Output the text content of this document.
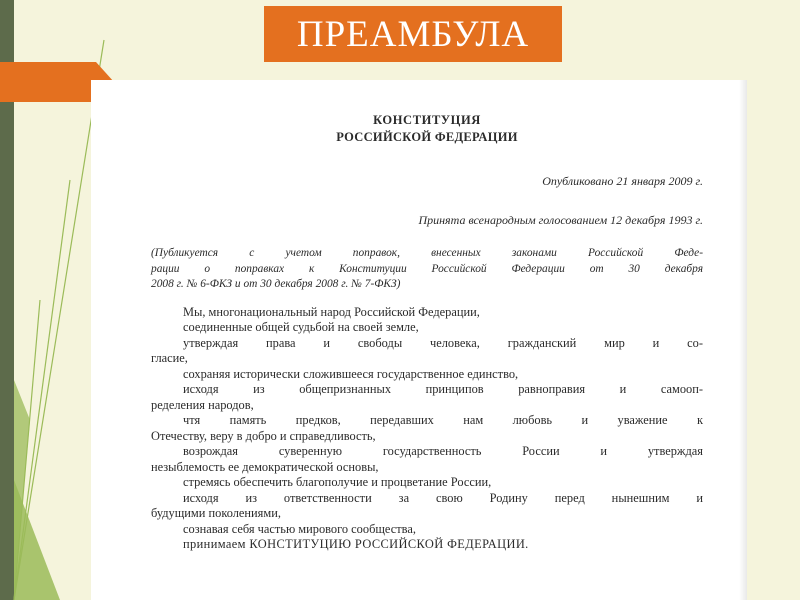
ПРЕАМБУЛА
КОНСТИТУЦИЯ
РОССИЙСКОЙ ФЕДЕРАЦИИ
Опубликовано 21 января 2009 г.
Принята всенародным голосованием 12 декабря 1993 г.
(Публикуется с учетом поправок, внесенных законами Российской Феде-
рации о поправках к Конституции Российской Федерации от 30 декабря
2008 г. № 6-ФКЗ и от 30 декабря 2008 г. № 7-ФКЗ)
Мы, многонациональный народ Российской Федерации,
соединенные общей судьбой на своей земле,
утверждая права и свободы человека, гражданский мир и со-
гласие,
сохраняя исторически сложившееся государственное единство,
исходя из общепризнанных принципов равноправия и самооп-
ределения народов,
чтя память предков, передавших нам любовь и уважение к
Отечеству, веру в добро и справедливость,
возрождая суверенную государственность России и утверждая
незыблемость ее демократической основы,
стремясь обеспечить благополучие и процветание России,
исходя из ответственности за свою Родину перед нынешним и
будущими поколениями,
сознавая себя частью мирового сообщества,
принимаем КОНСТИТУЦИЮ РОССИЙСКОЙ ФЕДЕРАЦИИ.
